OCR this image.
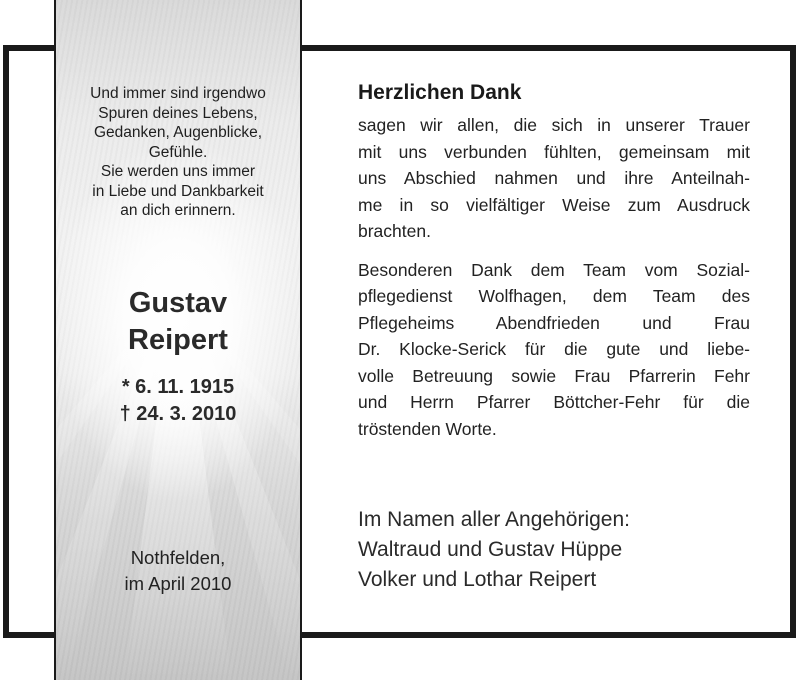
Und immer sind irgendwo
Spuren deines Lebens,
Gedanken, Augenblicke,
Gefühle.
Sie werden uns immer
in Liebe und Dankbarkeit
an dich erinnern.
Gustav
Reipert
* 6. 11. 1915
† 24. 3. 2010
Nothfelden,
im April 2010
Herzlichen Dank
sagen wir allen, die sich in unserer Trauer
mit uns verbunden fühlten, gemeinsam mit
uns Abschied nahmen und ihre Anteilnah-
me in so vielfältiger Weise zum Ausdruck
brachten.
Besonderen Dank dem Team vom Sozial-
pflegedienst Wolfhagen, dem Team des
Pflegeheims Abendfrieden und Frau
Dr. Klocke-Serick für die gute und liebe-
volle Betreuung sowie Frau Pfarrerin Fehr
und Herrn Pfarrer Böttcher-Fehr für die
tröstenden Worte.
Im Namen aller Angehörigen:
Waltraud und Gustav Hüppe
Volker und Lothar Reipert
